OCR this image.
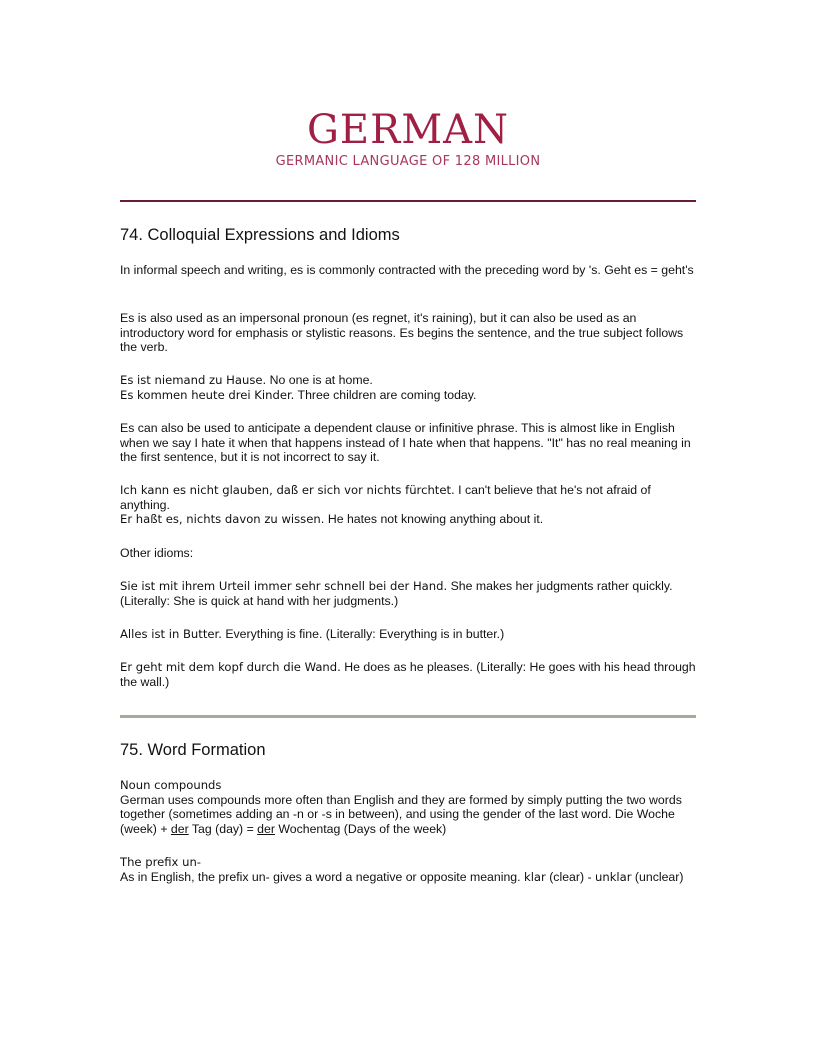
GERMAN
GERMANIC LANGUAGE OF 128 MILLION
74. Colloquial Expressions and Idioms

In informal speech and writing, es is commonly contracted with the preceding word by 's. Geht es = geht's

Es is also used as an impersonal pronoun (es regnet, it's raining), but it can also be used as an introductory word for emphasis or stylistic reasons. Es begins the sentence, and the true subject follows the verb.

Es ist niemand zu Hause. No one is at home.
Es kommen heute drei Kinder. Three children are coming today.

Es can also be used to anticipate a dependent clause or infinitive phrase. This is almost like in English when we say I hate it when that happens instead of I hate when that happens. "It" has no real meaning in the first sentence, but it is not incorrect to say it.

Ich kann es nicht glauben, daß er sich vor nichts fürchtet. I can't believe that he's not afraid of anything.
Er haßt es, nichts davon zu wissen. He hates not knowing anything about it.

Other idioms:

Sie ist mit ihrem Urteil immer sehr schnell bei der Hand. She makes her judgments rather quickly. (Literally: She is quick at hand with her judgments.)

Alles ist in Butter. Everything is fine. (Literally: Everything is in butter.)

Er geht mit dem kopf durch die Wand. He does as he pleases. (Literally: He goes with his head through the wall.)

75. Word Formation

Noun compounds
German uses compounds more often than English and they are formed by simply putting the two words together (sometimes adding an -n or -s in between), and using the gender of the last word. Die Woche (week) + der Tag (day) = der Wochentag (Days of the week)

The prefix un-
As in English, the prefix un- gives a word a negative or opposite meaning. klar (clear) - unklar (unclear)
